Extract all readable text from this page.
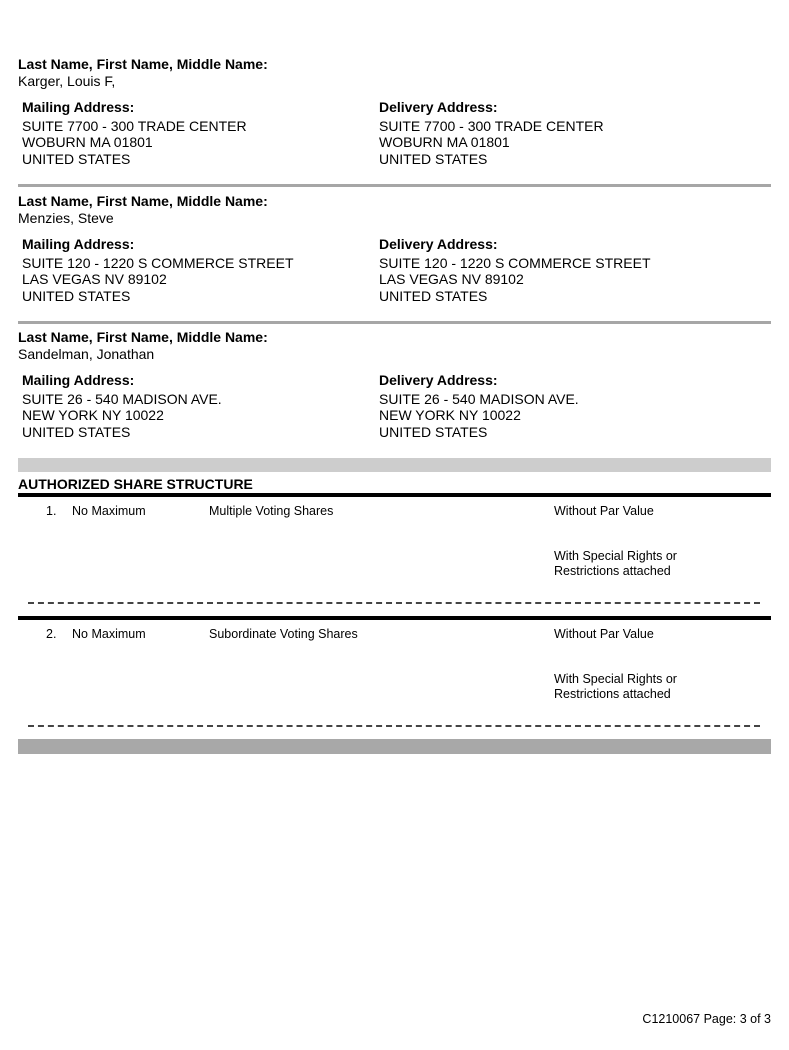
Last Name, First Name, Middle Name:
Karger, Louis F,
Mailing Address:
SUITE 7700 - 300 TRADE CENTER
WOBURN MA 01801
UNITED STATES
Delivery Address:
SUITE 7700 - 300 TRADE CENTER
WOBURN MA 01801
UNITED STATES
Last Name, First Name, Middle Name:
Menzies, Steve
Mailing Address:
SUITE 120 - 1220 S COMMERCE STREET
LAS VEGAS NV 89102
UNITED STATES
Delivery Address:
SUITE 120 - 1220 S COMMERCE STREET
LAS VEGAS NV 89102
UNITED STATES
Last Name, First Name, Middle Name:
Sandelman, Jonathan
Mailing Address:
SUITE 26 - 540 MADISON AVE.
NEW YORK NY 10022
UNITED STATES
Delivery Address:
SUITE 26 - 540 MADISON AVE.
NEW YORK NY 10022
UNITED STATES
AUTHORIZED SHARE STRUCTURE
1. No Maximum	Multiple Voting Shares	Without Par Value
With Special Rights or Restrictions attached
2. No Maximum	Subordinate Voting Shares	Without Par Value
With Special Rights or Restrictions attached
C1210067 Page: 3 of 3
